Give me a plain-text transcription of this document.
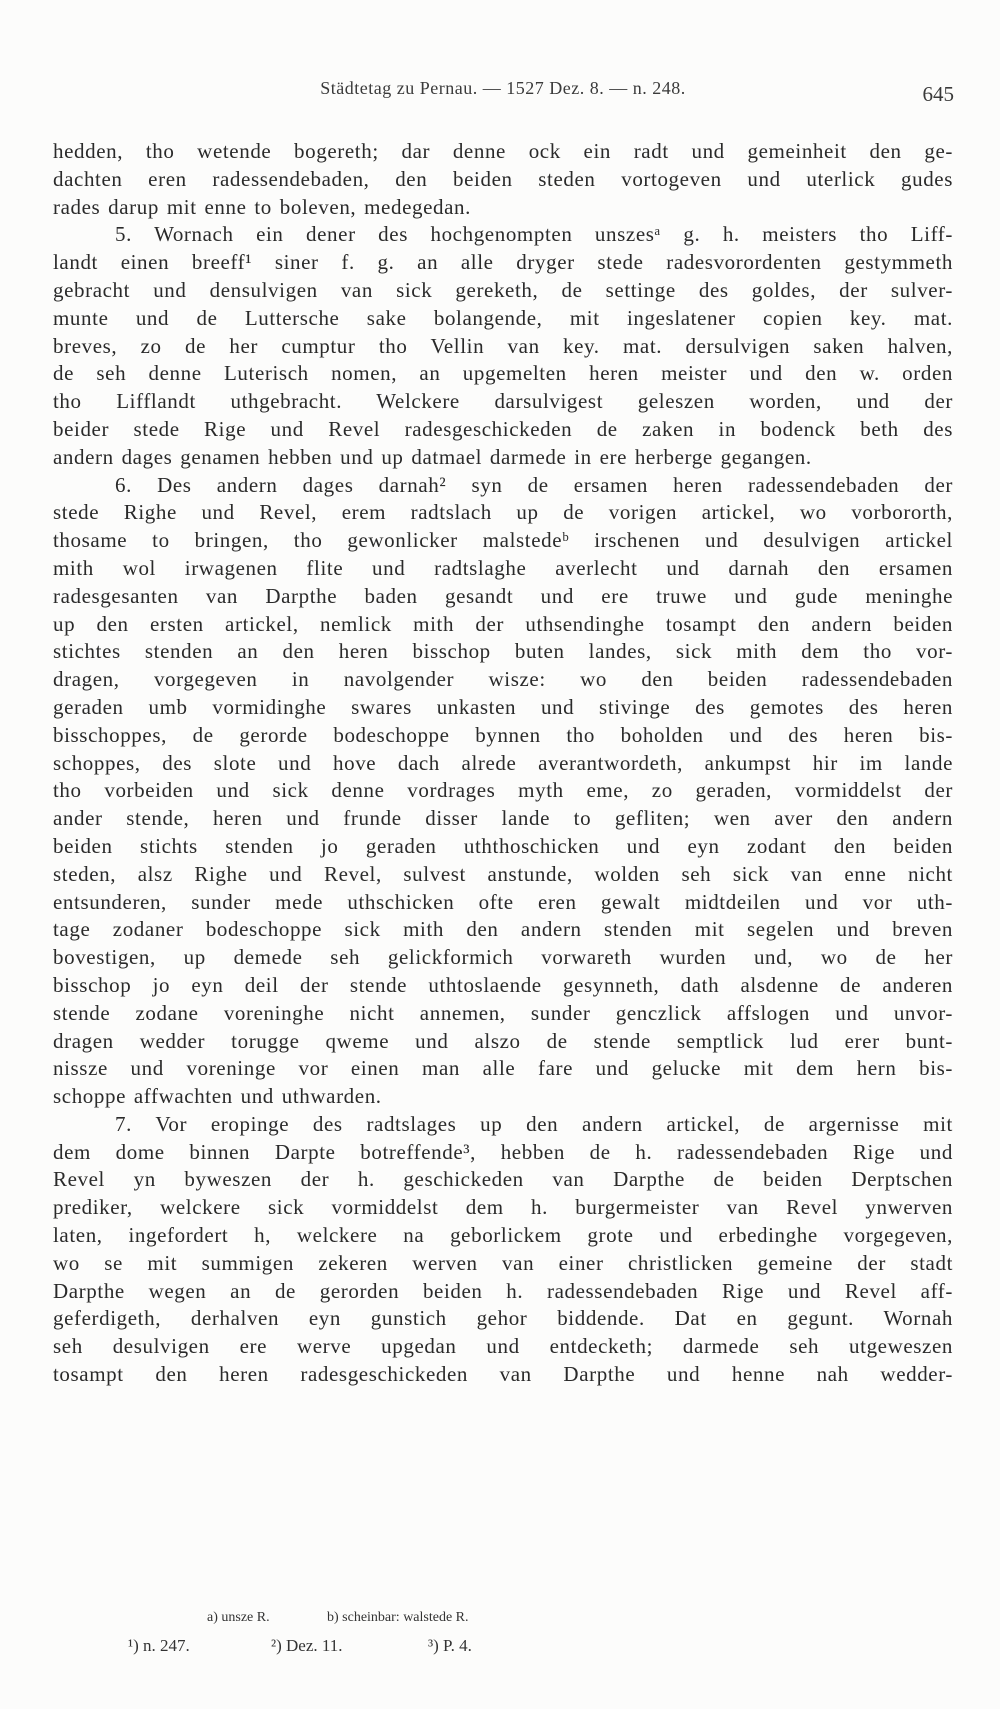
Städtetag zu Pernau. — 1527 Dez. 8. — n. 248.	645
hedden, tho wetende bogereth; dar denne ock ein radt und gemeinheit den ge-
dachten eren radessendebaden, den beiden steden vortogeven und uterlick gudes
rades darup mit enne to boleven, medegedan.
5. Wornach ein dener des hochgenompten unszesᵃ g. h. meisters tho Liff-
landt einen breeff¹ siner f. g. an alle dryger stede radesvorordenten gestymmeth
gebracht und densulvigen van sick gereketh, de settinge des goldes, der sulver-
munte und de Luttersche sake bolangende, mit ingeslatener copien key. mat.
breves, zo de her cumptur tho Vellin van key. mat. dersulvigen saken halven,
de seh denne Luterisch nomen, an upgemelten heren meister und den w. orden
tho Lifflandt uthgebracht. Welckere darsulvigest geleszen worden, und der
beider stede Rige und Revel radesgeschickeden de zaken in bodenck beth des
andern dages genamen hebben und up datmael darmede in ere herberge gegangen.
6. Des andern dages darnah² syn de ersamen heren radessendebaden der
stede Righe und Revel, erem radtslach up de vorigen artickel, wo vorbororth,
thosame to bringen, tho gewonlicker malstedeᵇ irschenen und desulvigen artickel
mith wol irwagenen flite und radtslaghe averlecht und darnah den ersamen
radesgesanten van Darpthe baden gesandt und ere truwe und gude meninghe
up den ersten artickel, nemlick mith der uthsendinghe tosampt den andern beiden
stichtes stenden an den heren bisschop buten landes, sick mith dem tho vor-
dragen, vorgegeven in navolgender wisze: wo den beiden radessendebaden
geraden umb vormidinghe swares unkasten und stivinge des gemotes des heren
bisschoppes, de gerorde bodeschoppe bynnen tho boholden und des heren bis-
schoppes, des slote und hove dach alrede averantwordeth, ankumpst hir im lande
tho vorbeiden und sick denne vordrages myth eme, zo geraden, vormiddelst der
ander stende, heren und frunde disser lande to gefliten; wen aver den andern
beiden stichts stenden jo geraden uththoschicken und eyn zodant den beiden
steden, alsz Righe und Revel, sulvest anstunde, wolden seh sick van enne nicht
entsunderen, sunder mede uthschicken ofte eren gewalt midtdeilen und vor uth-
tage zodaner bodeschoppe sick mith den andern stenden mit segelen und breven
bovestigen, up demede seh gelickformich vorwareth wurden und, wo de her
bisschop jo eyn deil der stende uthtoslaende gesynneth, dath alsdenne de anderen
stende zodane voreninghe nicht annemen, sunder genczlick affslogen und unvor-
dragen wedder torugge qweme und alszo de stende semptlick lud erer bunt-
nissze und voreninge vor einen man alle fare und gelucke mit dem hern bis-
schoppe affwachten und uthwarden.
7. Vor eropinge des radtslages up den andern artickel, de argernisse mit
dem dome binnen Darpte botreffende³, hebben de h. radessendebaden Rige und
Revel yn byweszen der h. geschickeden van Darpthe de beiden Derptschen
prediker, welckere sick vormiddelst dem h. burgermeister van Revel ynwerven
laten, ingefordert h, welckere na geborlickem grote und erbedinghe vorgegeven,
wo se mit summigen zekeren werven van einer christlicken gemeine der stadt
Darpthe wegen an de gerorden beiden h. radessendebaden Rige und Revel aff-
geferdigeth, derhalven eyn gunstich gehor biddende. Dat en gegunt. Wornah
seh desulvigen ere werve upgedan und entdecketh; darmede seh utgeweszen
tosampt den heren radesgeschickeden van Darpthe und henne nah wedder-
a) unsze R.	b) scheinbar: walstede R.
¹) n. 247.	²) Dez. 11.	³) P. 4.
